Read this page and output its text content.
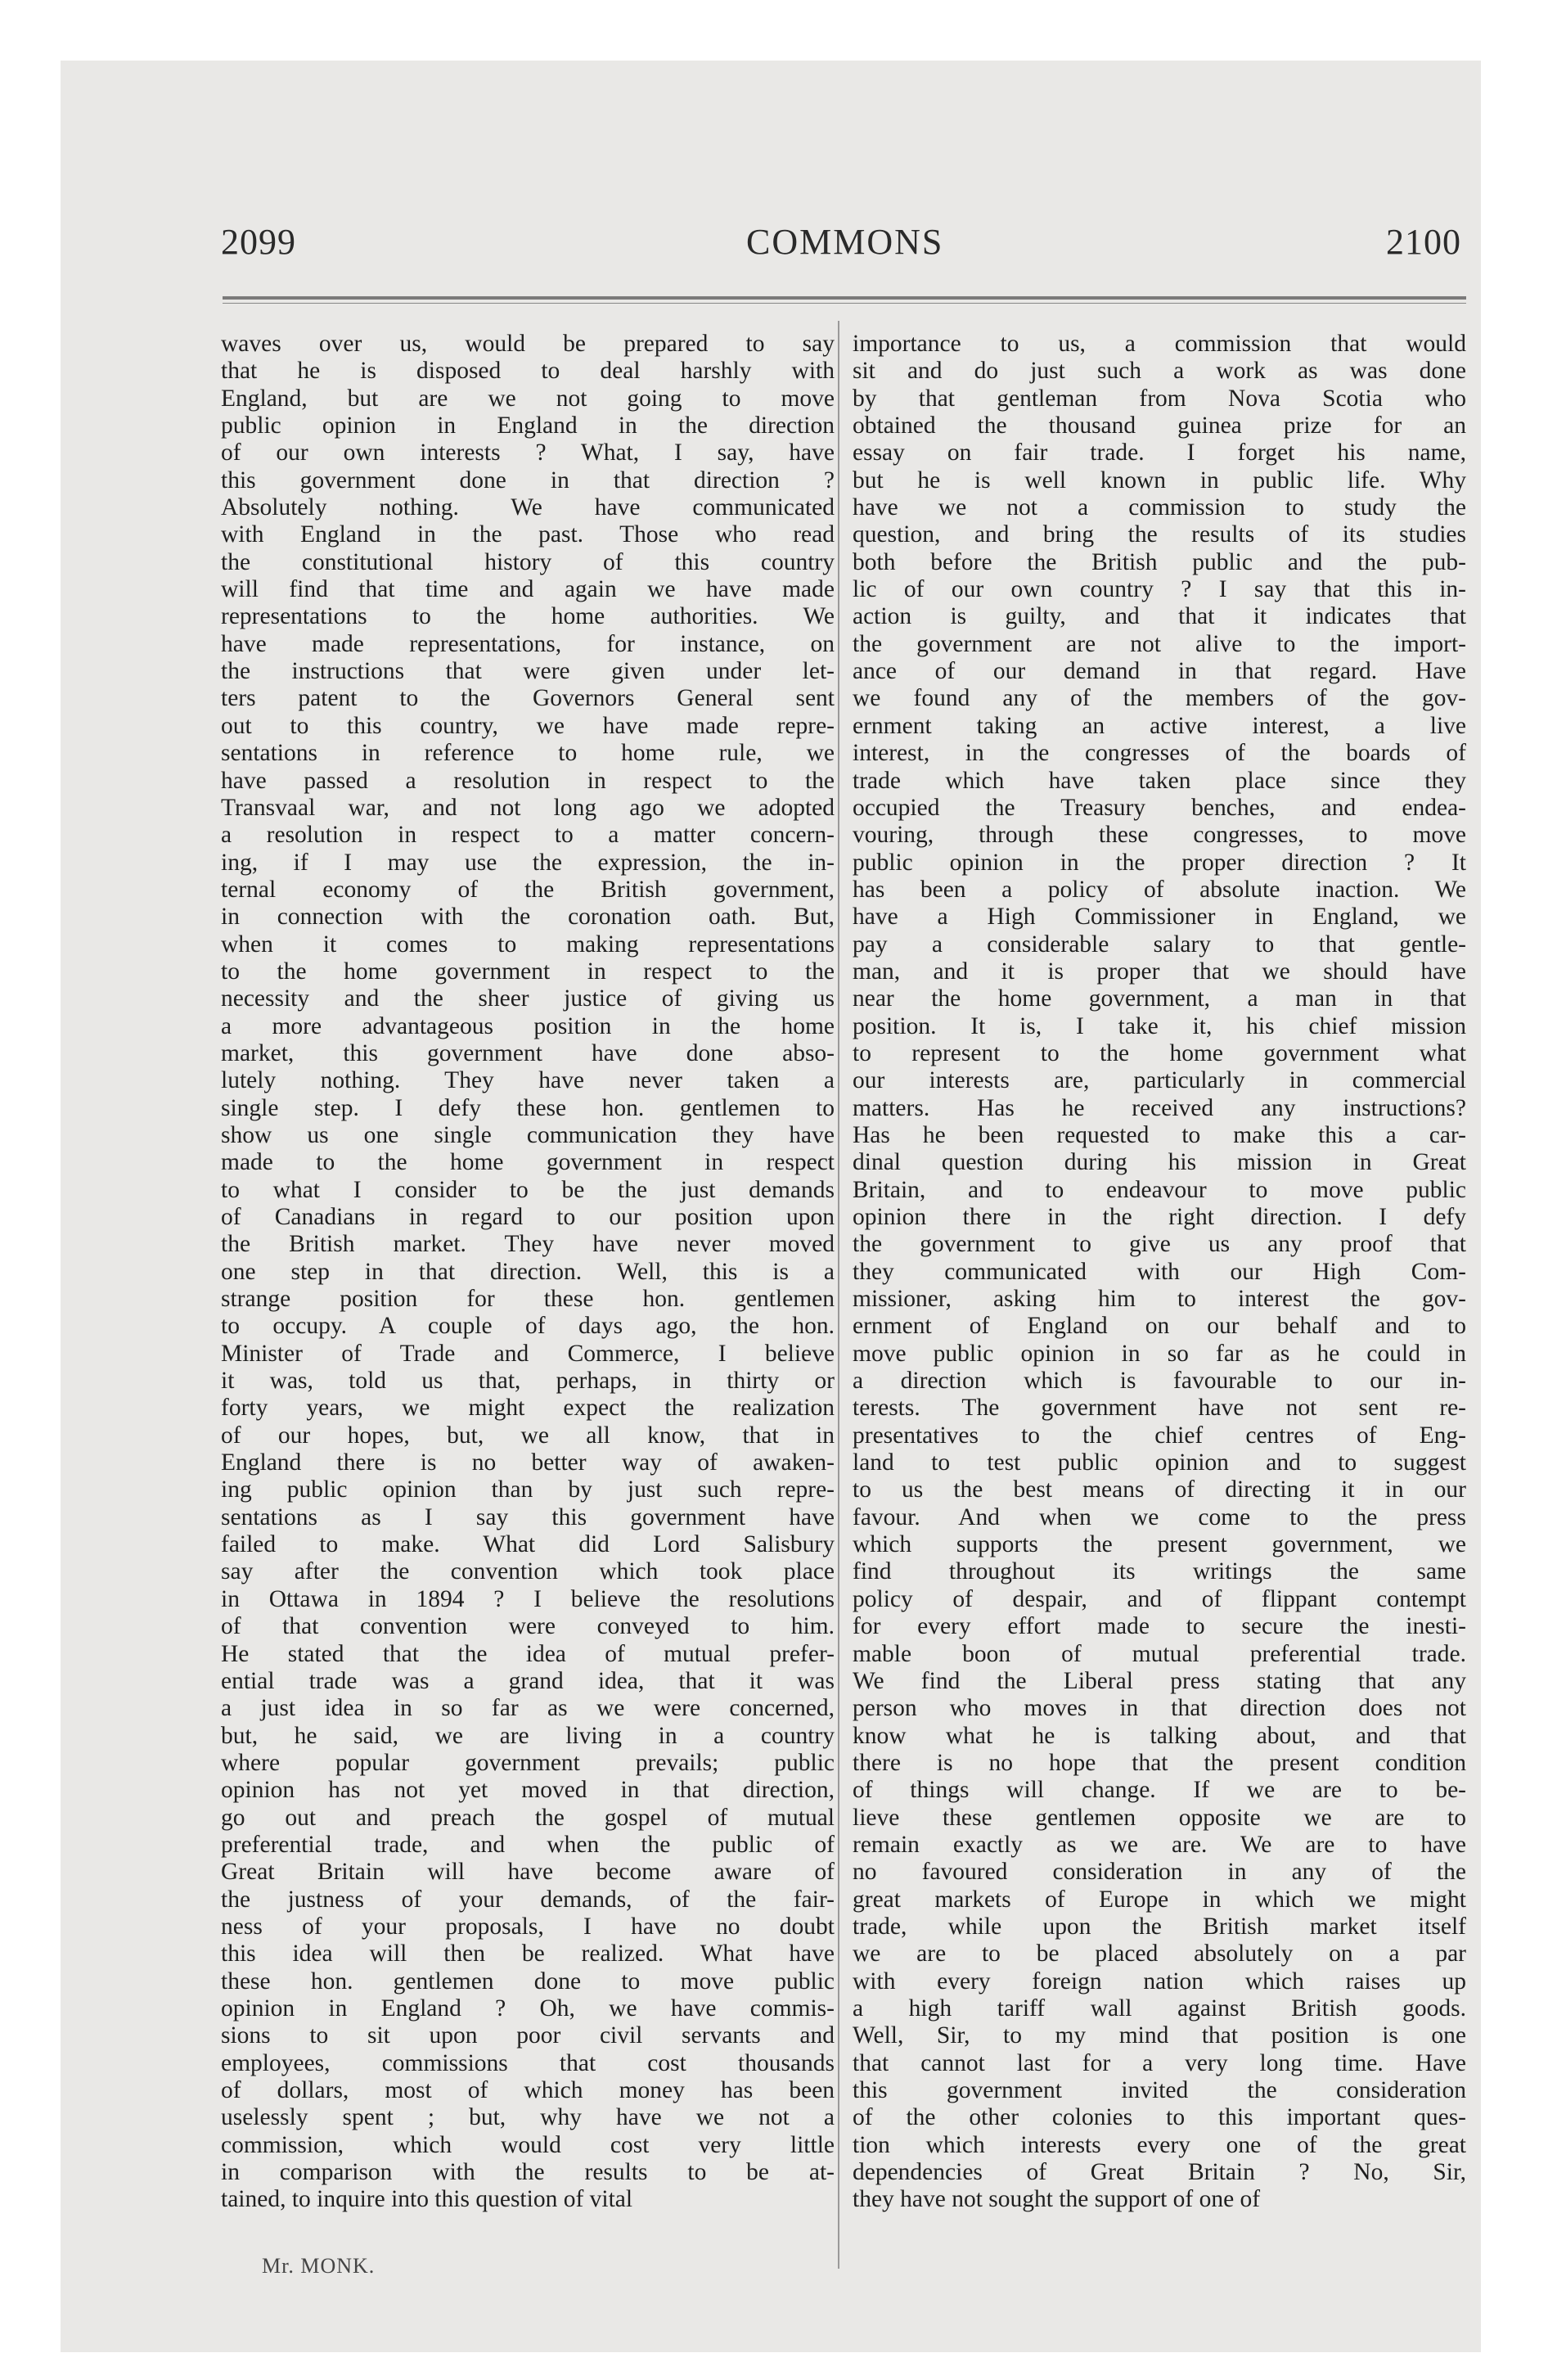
2099	COMMONS	2100
waves over us, would be prepared to say
that he is disposed to deal harshly with
England, but are we not going to move
public opinion in England in the direction
of our own interests ? What, I say, have
this government done in that direction ?
Absolutely nothing. We have communicated
with England in the past. Those who read
the constitutional history of this country
will find that time and again we have made
representations to the home authorities. We
have made representations, for instance, on
the instructions that were given under let-
ters patent to the Governors General sent
out to this country, we have made repre-
sentations in reference to home rule, we
have passed a resolution in respect to the
Transvaal war, and not long ago we adopted
a resolution in respect to a matter concern-
ing, if I may use the expression, the in-
ternal economy of the British government,
in connection with the coronation oath. But,
when it comes to making representations
to the home government in respect to the
necessity and the sheer justice of giving us
a more advantageous position in the home
market, this government have done abso-
lutely nothing. They have never taken a
single step. I defy these hon. gentlemen to
show us one single communication they have
made to the home government in respect
to what I consider to be the just demands
of Canadians in regard to our position upon
the British market. They have never moved
one step in that direction. Well, this is a
strange position for these hon. gentlemen
to occupy. A couple of days ago, the hon.
Minister of Trade and Commerce, I believe
it was, told us that, perhaps, in thirty or
forty years, we might expect the realization
of our hopes, but, we all know, that in
England there is no better way of awaken-
ing public opinion than by just such repre-
sentations as I say this government have
failed to make. What did Lord Salisbury
say after the convention which took place
in Ottawa in 1894 ? I believe the resolutions
of that convention were conveyed to him.
He stated that the idea of mutual prefer-
ential trade was a grand idea, that it was
a just idea in so far as we were concerned,
but, he said, we are living in a country
where popular government prevails; public
opinion has not yet moved in that direction,
go out and preach the gospel of mutual
preferential trade, and when the public of
Great Britain will have become aware of
the justness of your demands, of the fair-
ness of your proposals, I have no doubt
this idea will then be realized. What have
these hon. gentlemen done to move public
opinion in England ? Oh, we have commis-
sions to sit upon poor civil servants and
employees, commissions that cost thousands
of dollars, most of which money has been
uselessly spent ; but, why have we not a
commission, which would cost very little
in comparison with the results to be at-
tained, to inquire into this question of vital
importance to us, a commission that would
sit and do just such a work as was done
by that gentleman from Nova Scotia who
obtained the thousand guinea prize for an
essay on fair trade. I forget his name,
but he is well known in public life. Why
have we not a commission to study the
question, and bring the results of its studies
both before the British public and the pub-
lic of our own country ? I say that this in-
action is guilty, and that it indicates that
the government are not alive to the import-
ance of our demand in that regard. Have
we found any of the members of the gov-
ernment taking an active interest, a live
interest, in the congresses of the boards of
trade which have taken place since they
occupied the Treasury benches, and endea-
vouring, through these congresses, to move
public opinion in the proper direction ? It
has been a policy of absolute inaction. We
have a High Commissioner in England, we
pay a considerable salary to that gentle-
man, and it is proper that we should have
near the home government, a man in that
position. It is, I take it, his chief mission
to represent to the home government what
our interests are, particularly in commercial
matters. Has he received any instructions?
Has he been requested to make this a car-
dinal question during his mission in Great
Britain, and to endeavour to move public
opinion there in the right direction. I defy
the government to give us any proof that
they communicated with our High Com-
missioner, asking him to interest the gov-
ernment of England on our behalf and to
move public opinion in so far as he could in
a direction which is favourable to our in-
terests. The government have not sent re-
presentatives to the chief centres of Eng-
land to test public opinion and to suggest
to us the best means of directing it in our
favour. And when we come to the press
which supports the present government, we
find throughout its writings the same
policy of despair, and of flippant contempt
for every effort made to secure the inesti-
mable boon of mutual preferential trade.
We find the Liberal press stating that any
person who moves in that direction does not
know what he is talking about, and that
there is no hope that the present condition
of things will change. If we are to be-
lieve these gentlemen opposite we are to
remain exactly as we are. We are to have
no favoured consideration in any of the
great markets of Europe in which we might
trade, while upon the British market itself
we are to be placed absolutely on a par
with every foreign nation which raises up
a high tariff wall against British goods.
Well, Sir, to my mind that position is one
that cannot last for a very long time. Have
this government invited the consideration
of the other colonies to this important ques-
tion which interests every one of the great
dependencies of Great Britain ? No, Sir,
they have not sought the support of one of
Mr. MONK.
